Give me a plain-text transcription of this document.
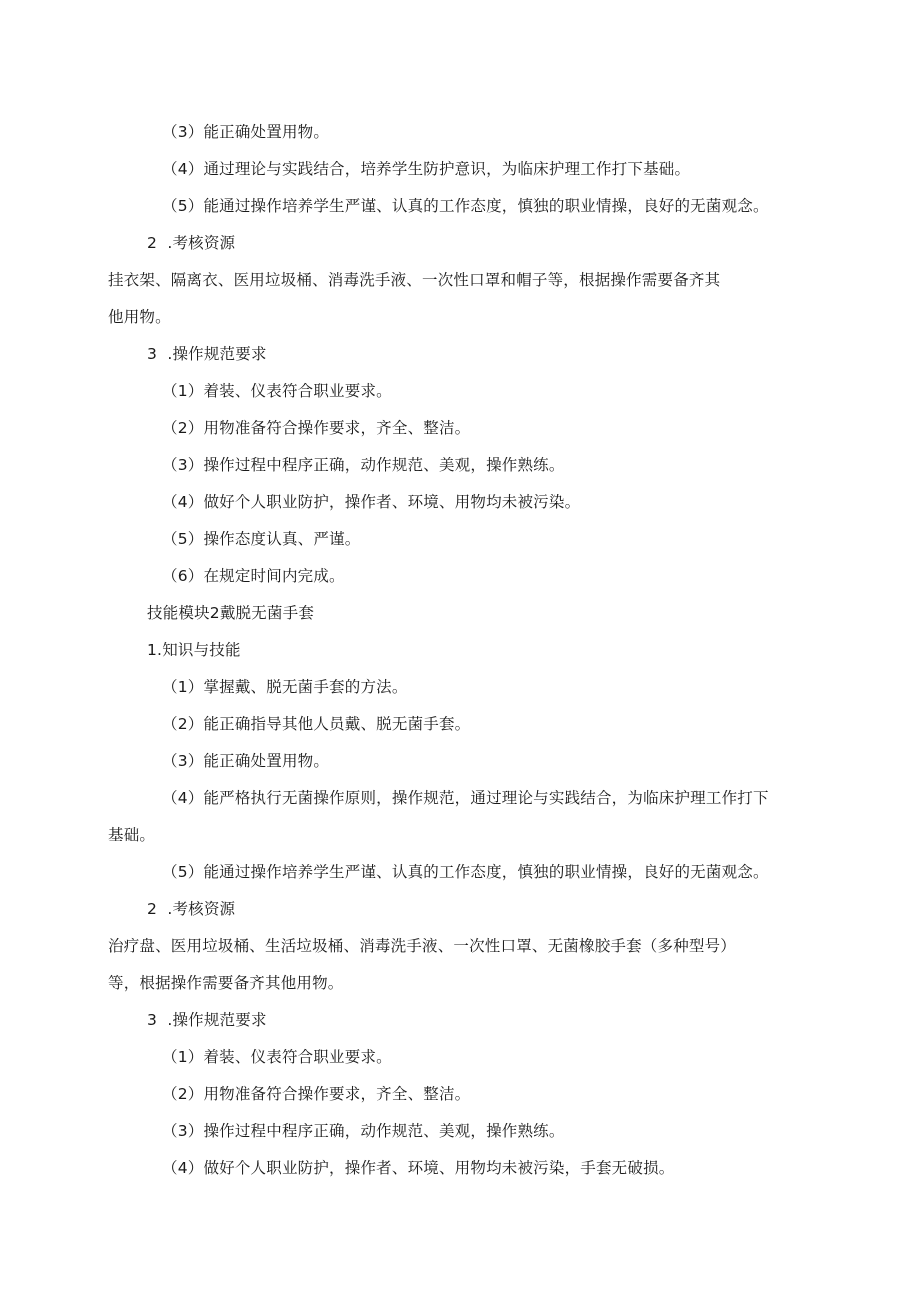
（3）能正确处置用物。
（4）通过理论与实践结合，培养学生防护意识，为临床护理工作打下基础。
（5）能通过操作培养学生严谨、认真的工作态度，慎独的职业情操，良好的无菌观念。
2  .考核资源
挂衣架、隔离衣、医用垃圾桶、消毒洗手液、一次性口罩和帽子等，根据操作需要备齐其
他用物。
3  .操作规范要求
（1）着装、仪表符合职业要求。
（2）用物准备符合操作要求，齐全、整洁。
（3）操作过程中程序正确，动作规范、美观，操作熟练。
（4）做好个人职业防护，操作者、环境、用物均未被污染。
（5）操作态度认真、严谨。
（6）在规定时间内完成。
技能模块2戴脱无菌手套
1.知识与技能
（1）掌握戴、脱无菌手套的方法。
（2）能正确指导其他人员戴、脱无菌手套。
（3）能正确处置用物。
（4）能严格执行无菌操作原则，操作规范，通过理论与实践结合，为临床护理工作打下
基础。
（5）能通过操作培养学生严谨、认真的工作态度，慎独的职业情操，良好的无菌观念。
2  .考核资源
治疗盘、医用垃圾桶、生活垃圾桶、消毒洗手液、一次性口罩、无菌橡胶手套（多种型号）
等，根据操作需要备齐其他用物。
3  .操作规范要求
（1）着装、仪表符合职业要求。
（2）用物准备符合操作要求，齐全、整洁。
（3）操作过程中程序正确，动作规范、美观，操作熟练。
（4）做好个人职业防护，操作者、环境、用物均未被污染，手套无破损。
